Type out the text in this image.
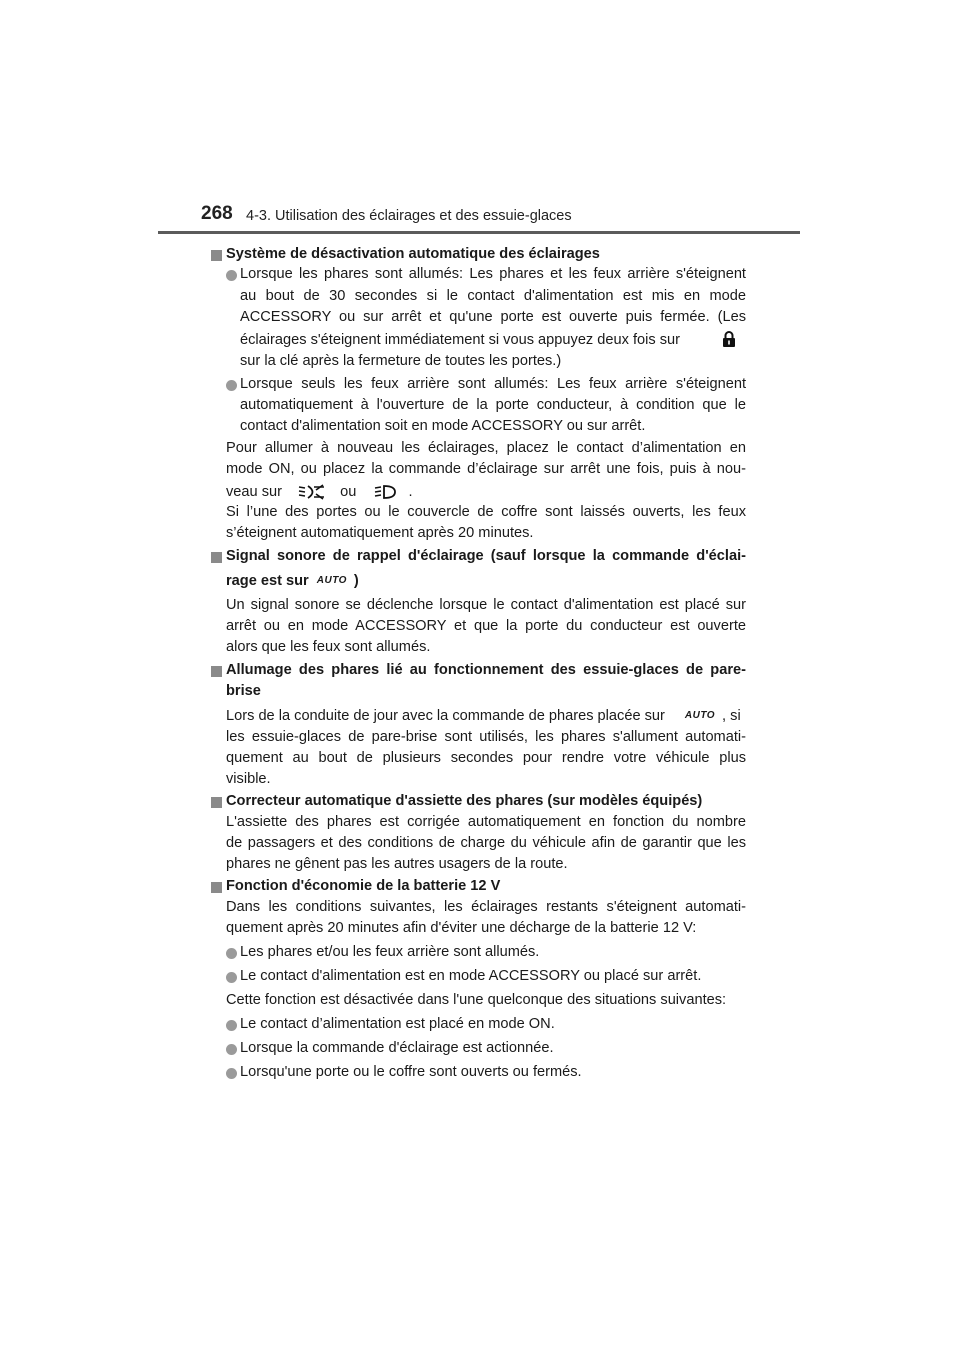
268 4-3. Utilisation des éclairages et des essuie-glaces
Système de désactivation automatique des éclairages
Lorsque les phares sont allumés: Les phares et les feux arrière s'éteignent
au bout de 30 secondes si le contact d'alimentation est mis en mode
ACCESSORY ou sur arrêt et qu'une porte est ouverte puis fermée. (Les
éclairages s'éteignent immédiatement si vous appuyez deux fois sur
sur la clé après la fermeture de toutes les portes.)
Lorsque seuls les feux arrière sont allumés: Les feux arrière s'éteignent
automatiquement à l'ouverture de la porte conducteur, à condition que le
contact d'alimentation soit en mode ACCESSORY ou sur arrêt.
Pour allumer à nouveau les éclairages, placez le contact d’alimentation en
mode ON, ou placez la commande d’éclairage sur arrêt une fois, puis à nou-
veau sur	ou	.
Si l’une des portes ou le couvercle de coffre sont laissés ouverts, les feux
s’éteignent automatiquement après 20 minutes.
Signal sonore de rappel d'éclairage (sauf lorsque la commande d'éclai-
rage est sur AUTO )
Un signal sonore se déclenche lorsque le contact d'alimentation est placé sur
arrêt ou en mode ACCESSORY et que la porte du conducteur est ouverte
alors que les feux sont allumés.
Allumage des phares lié au fonctionnement des essuie-glaces de pare-
brise
Lors de la conduite de jour avec la commande de phares placée sur AUTO , si
les essuie-glaces de pare-brise sont utilisés, les phares s'allument automati-
quement au bout de plusieurs secondes pour rendre votre véhicule plus
visible.
Correcteur automatique d'assiette des phares (sur modèles équipés)
L'assiette des phares est corrigée automatiquement en fonction du nombre
de passagers et des conditions de charge du véhicule afin de garantir que les
phares ne gênent pas les autres usagers de la route.
Fonction d'économie de la batterie 12 V
Dans les conditions suivantes, les éclairages restants s'éteignent automati-
quement après 20 minutes afin d'éviter une décharge de la batterie 12 V:
Les phares et/ou les feux arrière sont allumés.
Le contact d'alimentation est en mode ACCESSORY ou placé sur arrêt.
Cette fonction est désactivée dans l'une quelconque des situations suivantes:
Le contact d’alimentation est placé en mode ON.
Lorsque la commande d'éclairage est actionnée.
Lorsqu'une porte ou le coffre sont ouverts ou fermés.
